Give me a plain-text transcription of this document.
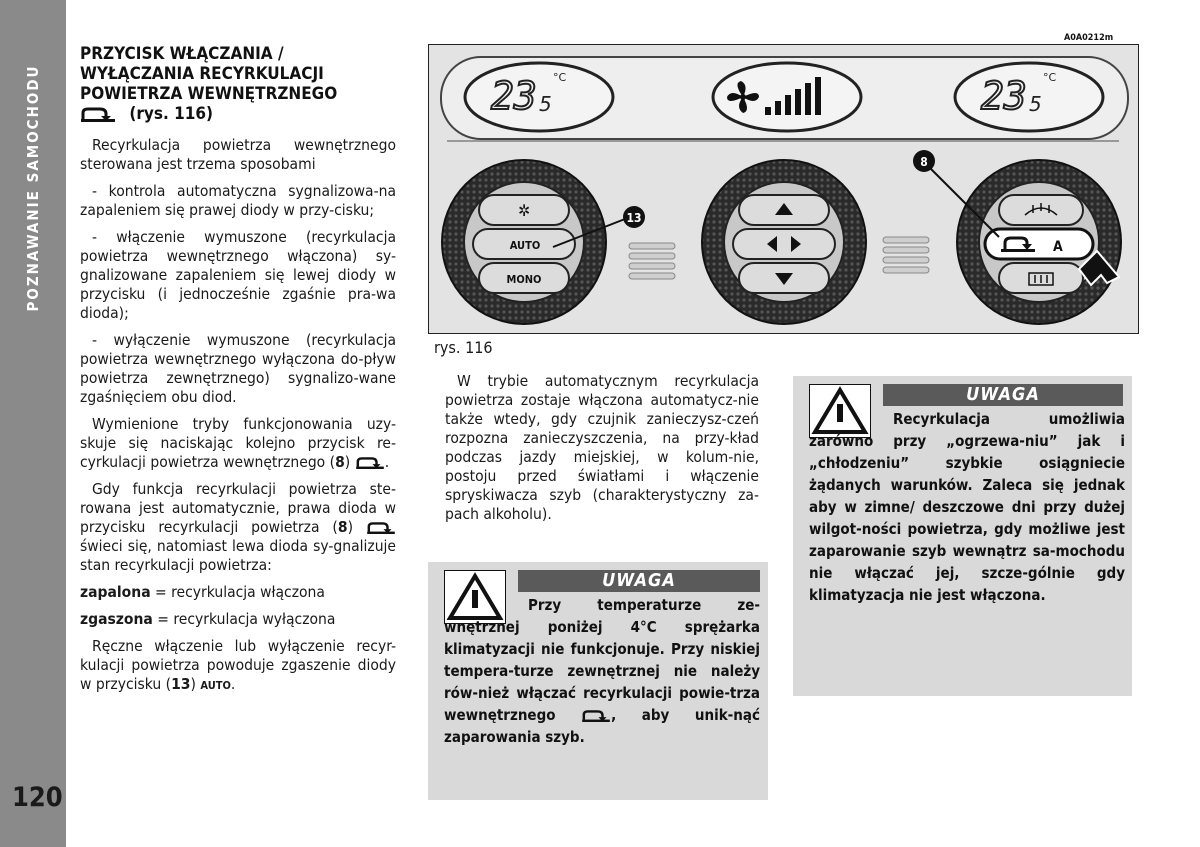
POZNAWANIE SAMOCHODU
120
PRZYCISK WŁĄCZANIA /
WYŁĄCZANIA RECYRKULACJI
POWIETRZA WEWNĘTRZNEGO
(rys. 116)

Recyrkulacja powietrza wewnętrznego sterowana jest trzema sposobami

- kontrola automatyczna sygnalizowa-na zapaleniem się prawej diody w przy-cisku;

- włączenie wymuszone (recyrkulacja powietrza wewnętrznego włączona) sy-gnalizowane zapaleniem się lewej diody w przycisku (i jednocześnie zgaśnie pra-wa dioda);

- wyłączenie wymuszone (recyrkulacja powietrza wewnętrznego wyłączona do-pływ powietrza zewnętrznego) sygnalizo-wane zgaśnięciem obu diod.

Wymienione tryby funkcjonowania uzy-skuje się naciskając kolejno przycisk re-cyrkulacji powietrza wewnętrznego (8) .

Gdy funkcja recyrkulacji powietrza ste-rowana jest automatycznie, prawa dioda w przycisku recyrkulacji powietrza (8)  świeci się, natomiast lewa dioda sy-gnalizuje stan recyrkulacji powietrza:

zapalona = recyrkulacja włączona
zgaszona = recyrkulacja wyłączona

Ręczne włączenie lub wyłączenie recyr-kulacji powietrza powoduje zgaszenie diody w przycisku (13) AUTO.

A0A0212m
23 5
°C	23 5
°C
✲
AUTO
MONO
A
13
8
rys. 116

W trybie automatycznym recyrkulacja powietrza zostaje włączona automatycz-nie także wtedy, gdy czujnik zanieczysz-czeń rozpozna zanieczyszczenia, na przy-kład podczas jazdy miejskiej, w kolum-nie, postoju przed światłami i włączenie spryskiwacza szyb (charakterystyczny za-pach alkoholu).

UWAGA
Przy temperaturze ze-wnętrznej poniżej 4°C sprężarka klimatyzacji nie funkcjonuje. Przy niskiej tempera-turze zewnętrznej nie należy rów-nież włączać recyrkulacji powie-trza wewnętrznego , aby unik-nąć zaparowania szyb.
UWAGA
Recyrkulacja umożliwia zarówno przy „ogrzewa-niu” jak i „chłodzeniu” szybkie osiągniecie żądanych warunków. Zaleca się jednak aby w zimne/ deszczowe dni przy dużej wilgot-ności powietrza, gdy możliwe jest zaparowanie szyb wewnątrz sa-mochodu nie włączać jej, szcze-gólnie gdy klimatyzacja nie jest włączona.
